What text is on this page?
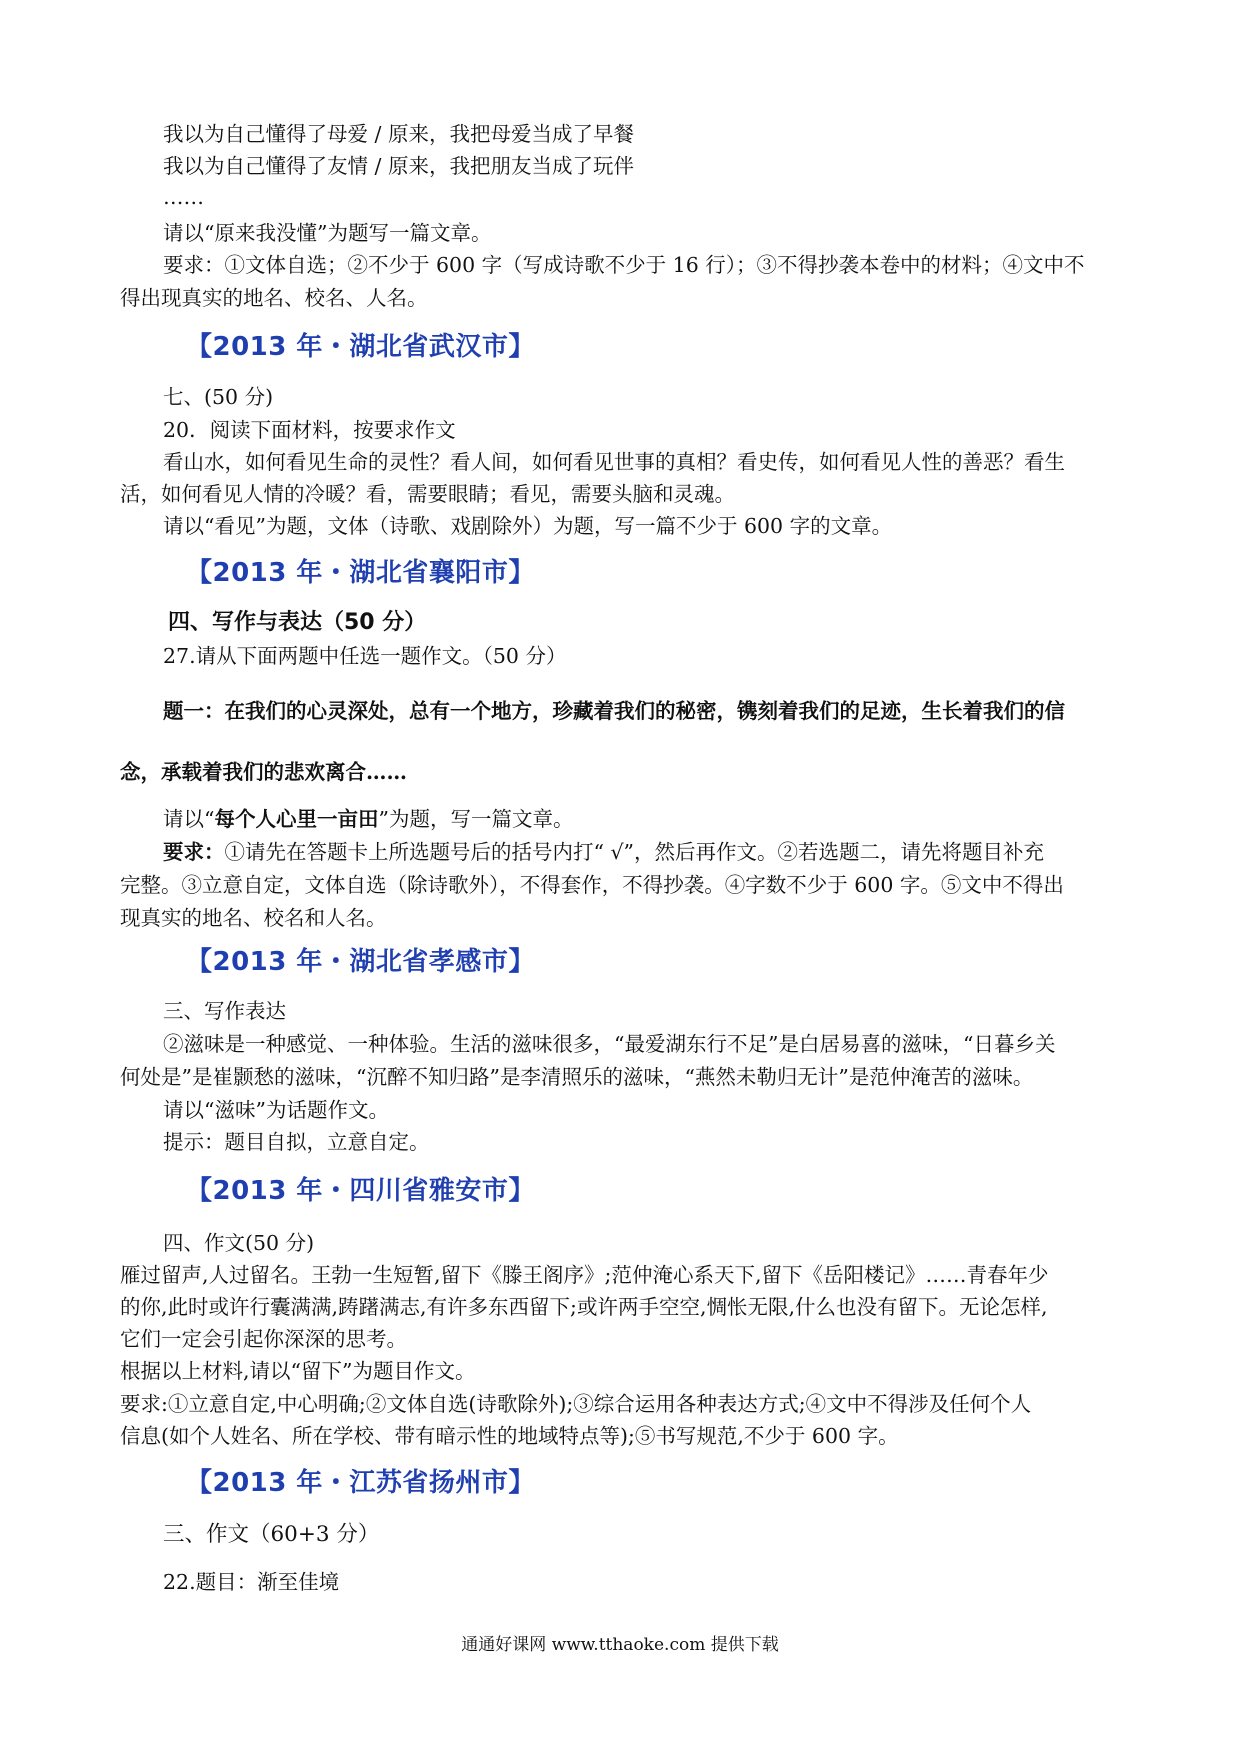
我以为自己懂得了母爱 / 原来，我把母爱当成了早餐
我以为自己懂得了友情 / 原来，我把朋友当成了玩伴
……
请以“原来我没懂”为题写一篇文章。
要求：①文体自选；②不少于 600 字（写成诗歌不少于 16 行）；③不得抄袭本卷中的材料；④文中不
得出现真实的地名、校名、人名。
【2013 年・湖北省武汉市】
七、(50 分)
20．阅读下面材料，按要求作文
看山水，如何看见生命的灵性？看人间，如何看见世事的真相？看史传，如何看见人性的善恶？看生
活，如何看见人情的冷暖？看，需要眼睛；看见，需要头脑和灵魂。
请以“看见”为题，文体（诗歌、戏剧除外）为题，写一篇不少于 600 字的文章。
【2013 年・湖北省襄阳市】
四、写作与表达（50 分）
27.请从下面两题中任选一题作文。（50 分）
题一：在我们的心灵深处，总有一个地方，珍藏着我们的秘密，镌刻着我们的足迹，生长着我们的信
念，承载着我们的悲欢离合……
请以“每个人心里一亩田”为题，写一篇文章。
要求：①请先在答题卡上所选题号后的括号内打“ √”，然后再作文。②若选题二，请先将题目补充
完整。③立意自定，文体自选（除诗歌外），不得套作，不得抄袭。④字数不少于 600 字。⑤文中不得出
现真实的地名、校名和人名。
【2013 年・湖北省孝感市】
三、写作表达
②滋味是一种感觉、一种体验。生活的滋味很多，“最爱湖东行不足”是白居易喜的滋味，“日暮乡关
何处是”是崔颢愁的滋味，“沉醉不知归路”是李清照乐的滋味，“燕然未勒归无计”是范仲淹苦的滋味。
请以“滋味”为话题作文。
提示：题目自拟，立意自定。
【2013 年・四川省雅安市】
四、作文(50 分)
雁过留声,人过留名。王勃一生短暂,留下《滕王阁序》;范仲淹心系天下,留下《岳阳楼记》……青春年少
的你,此时或许行囊满满,踌躇满志,有许多东西留下;或许两手空空,惆怅无限,什么也没有留下。无论怎样,
它们一定会引起你深深的思考。
根据以上材料,请以“留下”为题目作文。
要求:①立意自定,中心明确;②文体自选(诗歌除外);③综合运用各种表达方式;④文中不得涉及任何个人
信息(如个人姓名、所在学校、带有暗示性的地域特点等);⑤书写规范,不少于 600 字。
【2013 年・江苏省扬州市】
三、作文（60+3 分）
22.题目：渐至佳境
通通好课网 www.tthaoke.com 提供下载
